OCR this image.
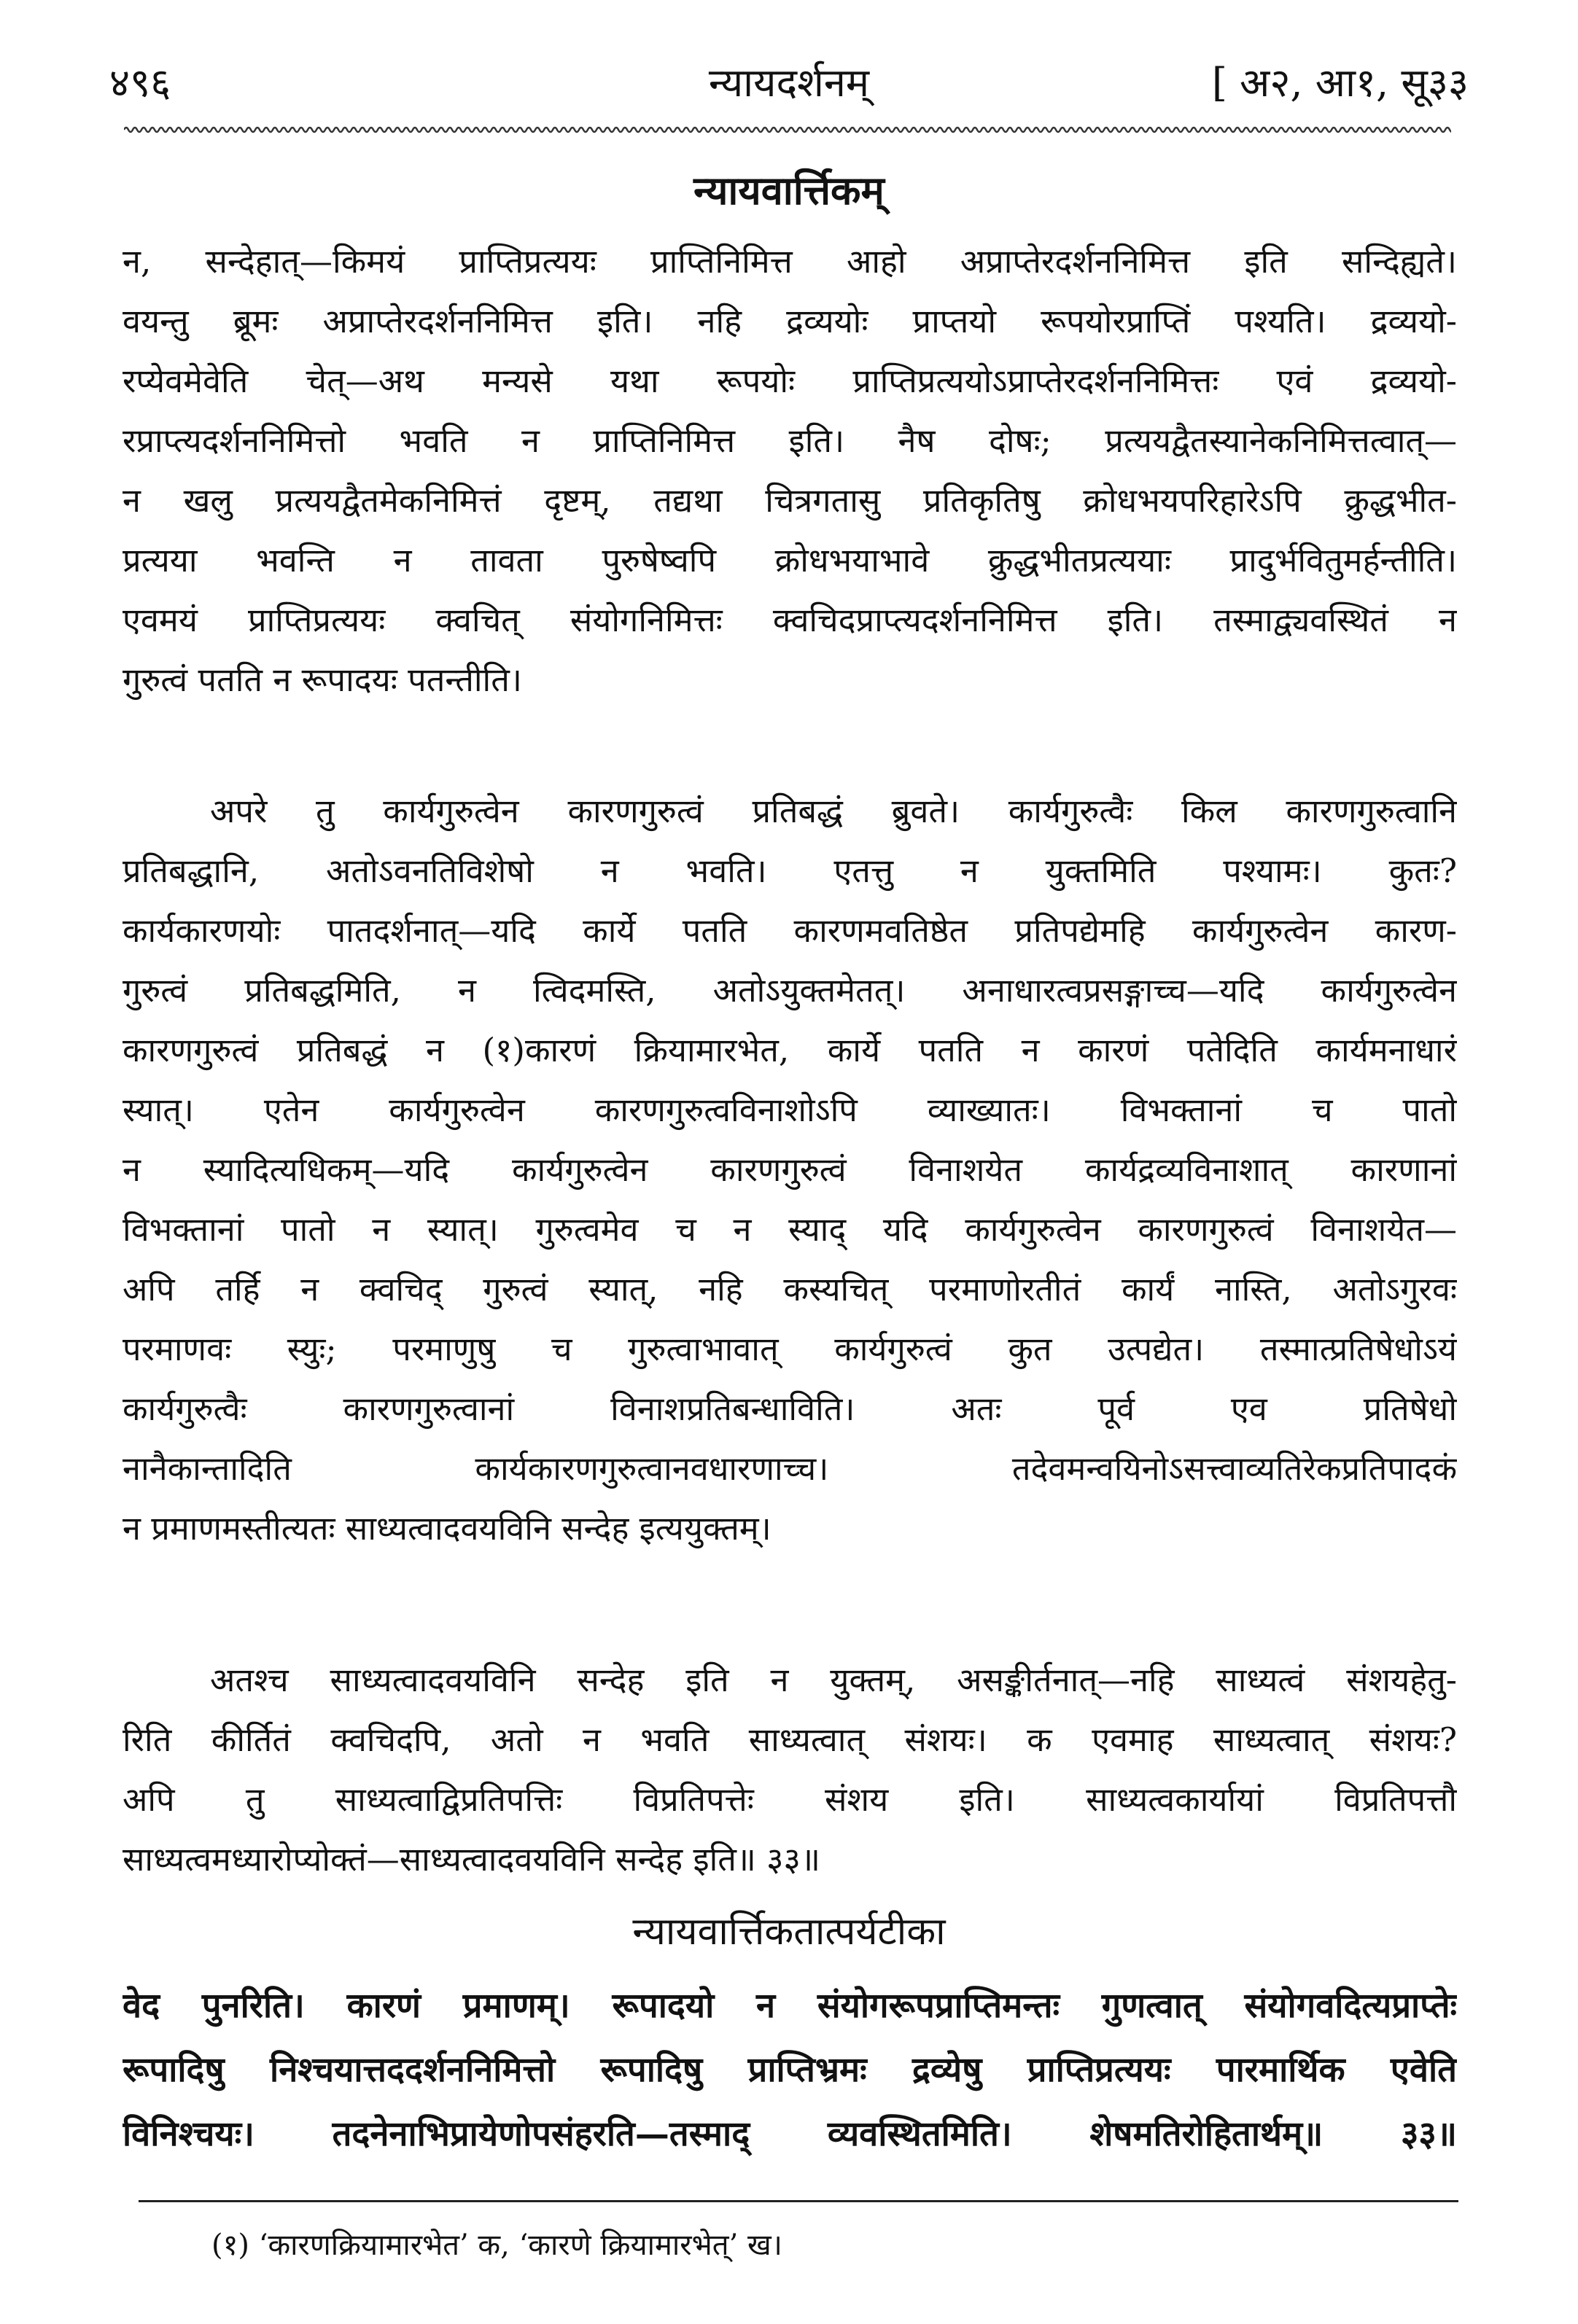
४९६	न्यायदर्शनम्	[ अ२, आ१, सू३३
न्यायवार्त्तिकम्
न, सन्देहात्—किमयं प्राप्तिप्रत्ययः प्राप्तिनिमित्त आहो अप्राप्तेरदर्शननिमित्त इति सन्दिह्यते।
वयन्तु ब्रूमः अप्राप्तेरदर्शननिमित्त इति। नहि द्रव्ययोः प्राप्तयो रूपयोरप्राप्तिं पश्यति। द्रव्ययो-
रप्येवमेवेति चेत्—अथ मन्यसे यथा रूपयोः प्राप्तिप्रत्ययोऽप्राप्तेरदर्शननिमित्तः एवं द्रव्ययो-
रप्राप्त्यदर्शननिमित्तो भवति न प्राप्तिनिमित्त इति। नैष दोषः; प्रत्ययद्वैतस्यानेकनिमित्तत्वात्—
न खलु प्रत्ययद्वैतमेकनिमित्तं दृष्टम्, तद्यथा चित्रगतासु प्रतिकृतिषु क्रोधभयपरिहारेऽपि क्रुद्धभीत-
प्रत्यया भवन्ति न तावता पुरुषेष्वपि क्रोधभयाभावे क्रुद्धभीतप्रत्ययाः प्रादुर्भवितुमर्हन्तीति।
एवमयं प्राप्तिप्रत्ययः क्वचित् संयोगनिमित्तः क्वचिदप्राप्त्यदर्शननिमित्त इति। तस्माद्व्यवस्थितं न
गुरुत्वं पतति न रूपादयः पतन्तीति।
अपरे तु कार्यगुरुत्वेन कारणगुरुत्वं प्रतिबद्धं ब्रुवते। कार्यगुरुत्वैः किल कारणगुरुत्वानि
प्रतिबद्धानि, अतोऽवनतिविशेषो न भवति। एतत्तु न युक्तमिति पश्यामः। कुतः?
कार्यकारणयोः पातदर्शनात्—यदि कार्ये पतति कारणमवतिष्ठेत प्रतिपद्येमहि कार्यगुरुत्वेन कारण-
गुरुत्वं प्रतिबद्धमिति, न त्विदमस्ति, अतोऽयुक्तमेतत्। अनाधारत्वप्रसङ्गाच्च—यदि कार्यगुरुत्वेन
कारणगुरुत्वं प्रतिबद्धं न (१)कारणं क्रियामारभेत, कार्ये पतति न कारणं पतेदिति कार्यमनाधारं
स्यात्। एतेन कार्यगुरुत्वेन कारणगुरुत्वविनाशोऽपि व्याख्यातः। विभक्तानां च पातो
न स्यादित्यधिकम्—यदि कार्यगुरुत्वेन कारणगुरुत्वं विनाशयेत कार्यद्रव्यविनाशात् कारणानां
विभक्तानां पातो न स्यात्। गुरुत्वमेव च न स्याद् यदि कार्यगुरुत्वेन कारणगुरुत्वं विनाशयेत—
अपि तर्हि न क्वचिद् गुरुत्वं स्यात्, नहि कस्यचित् परमाणोरतीतं कार्यं नास्ति, अतोऽगुरवः
परमाणवः स्युः; परमाणुषु च गुरुत्वाभावात् कार्यगुरुत्वं कुत उत्पद्येत। तस्मात्प्रतिषेधोऽयं
कार्यगुरुत्वैः कारणगुरुत्वानां विनाशप्रतिबन्धाविति। अतः पूर्व एव प्रतिषेधो
नानैकान्तादिति कार्यकारणगुरुत्वानवधारणाच्च। तदेवमन्वयिनोऽसत्त्वाव्यतिरेकप्रतिपादकं
न प्रमाणमस्तीत्यतः साध्यत्वादवयविनि सन्देह इत्ययुक्तम्।
अतश्च साध्यत्वादवयविनि सन्देह इति न युक्तम्, असङ्कीर्तनात्—नहि साध्यत्वं संशयहेतु-
रिति कीर्तितं क्वचिदपि, अतो न भवति साध्यत्वात् संशयः। क एवमाह साध्यत्वात् संशयः?
अपि तु साध्यत्वाद्विप्रतिपत्तिः विप्रतिपत्तेः संशय इति। साध्यत्वकार्यायां विप्रतिपत्तौ
साध्यत्वमध्यारोप्योक्तं—साध्यत्वादवयविनि सन्देह इति॥ ३३॥
न्यायवार्त्तिकतात्पर्यटीका
वेद पुनरिति। कारणं प्रमाणम्। रूपादयो न संयोगरूपप्राप्तिमन्तः गुणत्वात् संयोगवदित्यप्राप्तेः
रूपादिषु निश्चयात्तददर्शननिमित्तो रूपादिषु प्राप्तिभ्रमः द्रव्येषु प्राप्तिप्रत्ययः पारमार्थिक एवेति
विनिश्चयः। तदनेनाभिप्रायेणोपसंहरति—तस्माद् व्यवस्थितमिति। शेषमतिरोहितार्थम्॥ ३३॥
(१) ‘कारणक्रियामारभेत’ क, ‘कारणे क्रियामारभेत्’ ख।
